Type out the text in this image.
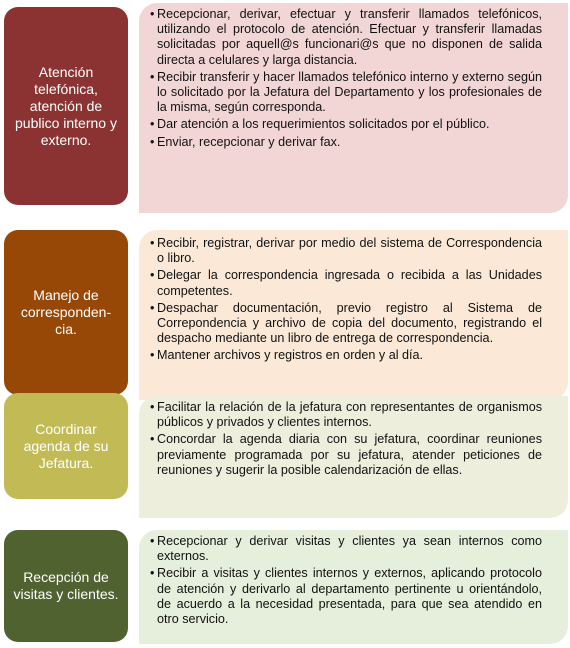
Atención telefónica, atención de publico interno y externo.
• Recepcionar, derivar, efectuar y transferir llamados telefónicos, utilizando el protocolo de atención. Efectuar y transferir llamadas solicitadas por aquell@s funcionari@s que no disponen de salida directa a celulares y larga distancia.
• Recibir transferir y hacer llamados telefónico interno y externo según lo solicitado por la Jefatura del Departamento y los profesionales de la misma, según corresponda.
• Dar atención a los requerimientos solicitados por el público.
• Enviar, recepcionar y derivar fax.
Manejo de
corresponden-
cia.
• Recibir, registrar, derivar por medio del sistema de Correspondencia o libro.
• Delegar la correspondencia ingresada o recibida a las Unidades competentes.
• Despachar documentación, previo registro al Sistema de Correpondencia y archivo de copia del documento, registrando el despacho mediante un libro de entrega de correspondencia.
• Mantener archivos y registros en orden y al día.
Coordinar agenda de su Jefatura.
• Facilitar la relación de la jefatura con representantes de organismos públicos y privados y clientes internos.
• Concordar la agenda diaria con su jefatura, coordinar reuniones previamente programada por su jefatura, atender peticiones de reuniones y sugerir la posible calendarización de ellas.
Recepción de visitas y clientes.
• Recepcionar y derivar visitas y clientes ya sean internos como externos.
• Recibir a visitas y clientes internos y externos, aplicando protocolo de atención y derivarlo al departamento pertinente u orientándolo, de acuerdo a la necesidad presentada, para que sea atendido en otro servicio.
